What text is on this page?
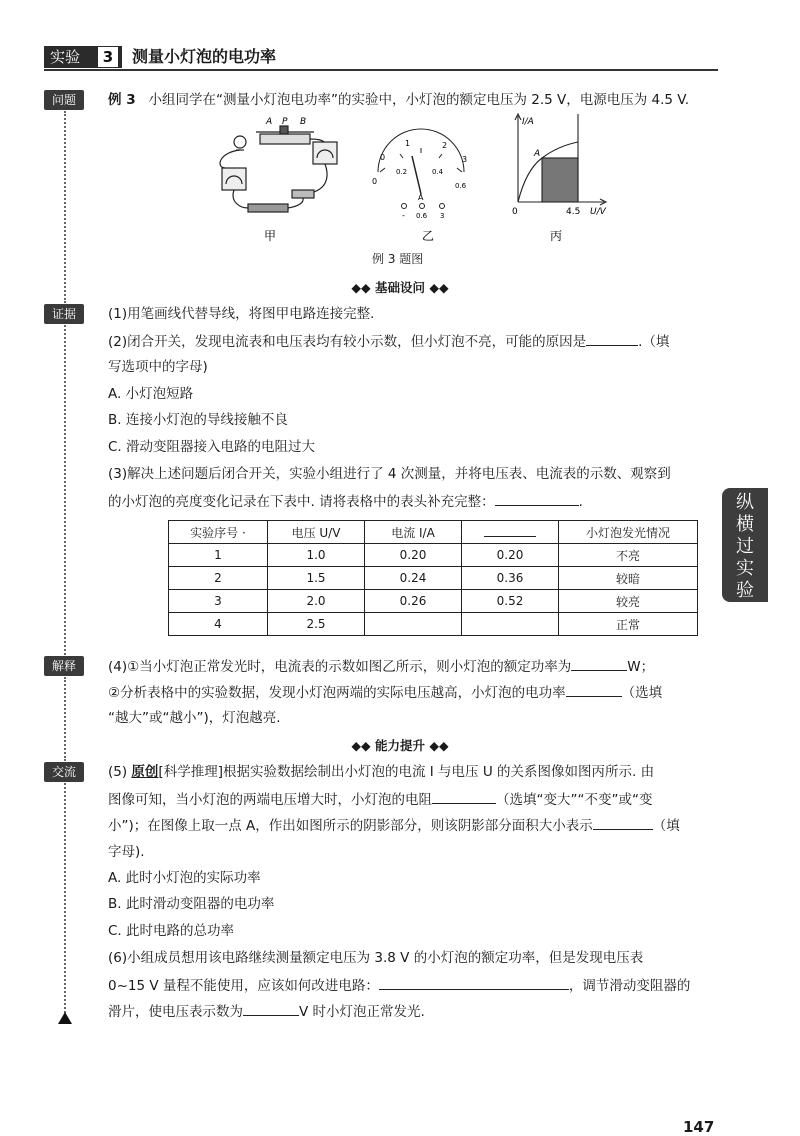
实验	3 测量小灯泡的电功率
问题
证据
解释
交流
例 3 小组同学在“测量小灯泡电功率”的实验中，小灯泡的额定电压为 2.5 V，电源电压为 4.5 V.
A P B
甲
0
0
1	2
3
0.2	0.4
0.6
A
- 0.6 3
乙
I/A
A
0	4.5 U/V
丙
例 3 题图
◆◆ 基础设问 ◆◆
(1)用笔画线代替导线，将图甲电路连接完整.
(2)闭合开关，发现电流表和电压表均有较小示数，但小灯泡不亮，可能的原因是	.（填
写选项中的字母)
A. 小灯泡短路
B. 连接小灯泡的导线接触不良
C. 滑动变阻器接入电路的电阻过大
(3)解决上述问题后闭合开关，实验小组进行了 4 次测量，并将电压表、电流表的示数、观察到
的小灯泡的亮度变化记录在下表中. 请将表格中的表头补充完整：	.
实验序号 ·	电压 U/V	电流 I/A		小灯泡发光情况
1	1.0	0.20	0.20	不亮
2	1.5	0.24	0.36	较暗
3	2.0	0.26	0.52	较亮
4	2.5			正常
(4)①当小灯泡正常发光时，电流表的示数如图乙所示，则小灯泡的额定功率为	W；
②分析表格中的实验数据，发现小灯泡两端的实际电压越高，小灯泡的电功率	（选填
“越大”或“越小”)，灯泡越亮.
◆◆ 能力提升 ◆◆
(5) 原创[科学推理]根据实验数据绘制出小灯泡的电流 I 与电压 U 的关系图像如图丙所示. 由
图像可知，当小灯泡的两端电压增大时，小灯泡的电阻	（选填“变大”“不变”或“变
小”)；在图像上取一点 A，作出如图所示的阴影部分，则该阴影部分面积大小表示	（填
字母).
A. 此时小灯泡的实际功率
B. 此时滑动变阻器的电功率
C. 此时电路的总功率
(6)小组成员想用该电路继续测量额定电压为 3.8 V 的小灯泡的额定功率，但是发现电压表
0~15 V 量程不能使用，应该如何改进电路：	，调节滑动变阻器的
滑片，使电压表示数为	V 时小灯泡正常发光.
纵
横
过
实
验
147
